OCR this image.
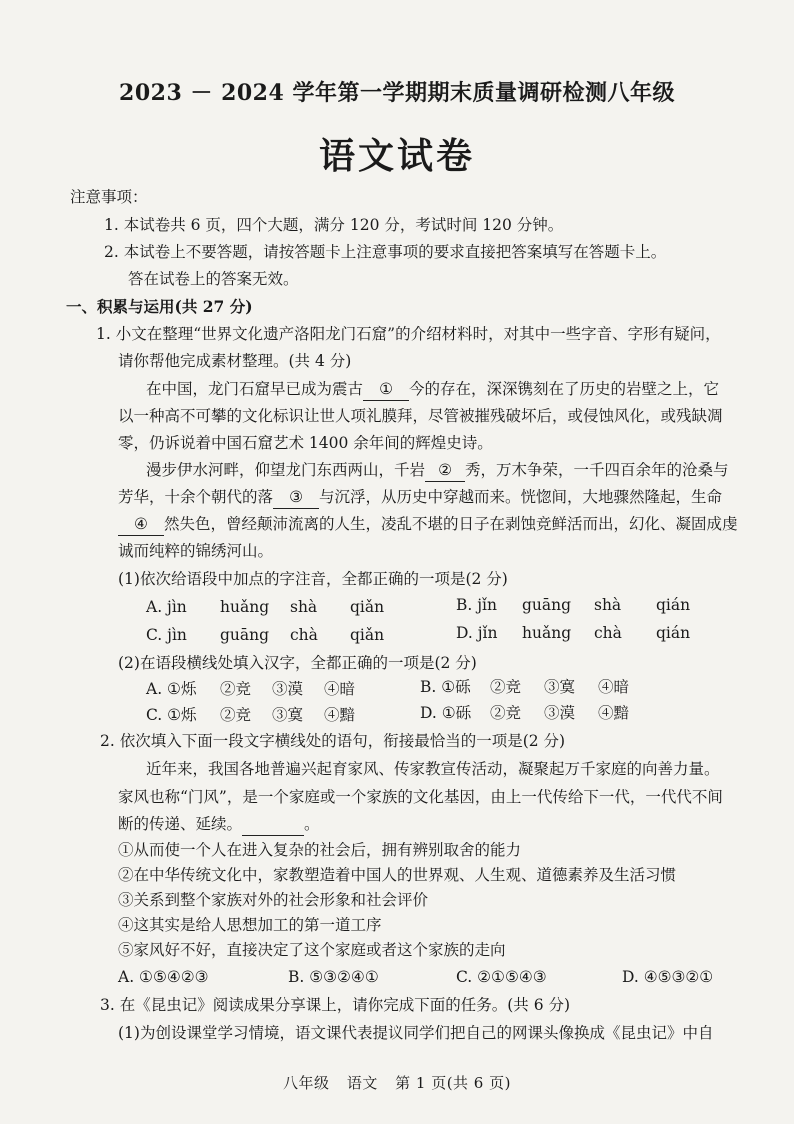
2023 － 2024 学年第一学期期末质量调研检测八年级
语文试卷
注意事项：
1. 本试卷共 6 页，四个大题，满分 120 分，考试时间 120 分钟。
2. 本试卷上不要答题，请按答题卡上注意事项的要求直接把答案填写在答题卡上。
答在试卷上的答案无效。
一、积累与运用(共 27 分)
1. 小文在整理“世界文化遗产洛阳龙门石窟”的介绍材料时，对其中一些字音、字形有疑问，
请你帮他完成素材整理。(共 4 分)
在中国，龙门石窟早已成为震古 ① 今的存在，深深镌刻在了历史的岩壁之上，它
以一种高不可攀的文化标识让世人项礼膜拜，尽管被摧残破坏后，或侵蚀风化，或残缺凋
零，仍诉说着中国石窟艺术 1400 余年间的辉煌史诗。
漫步伊水河畔，仰望龙门东西两山，千岩 ② 秀，万木争荣，一千四百余年的沧桑与
芳华，十余个朝代的落 ③ 与沉浮，从历史中穿越而来。恍惚间，大地骤然隆起，生命
④ 然失色，曾经颠沛流离的人生，凌乱不堪的日子在剥蚀竞鲜活而出，幻化、凝固成虔
诚而纯粹的锦绣河山。
(1)依次给语段中加点的字注音，全都正确的一项是(2 分)
A. jìn huǎng shà qiǎn	B. jǐn guāng shà qián
C. jìn guāng chà qiǎn	D. jǐn huǎng chà qián
(2)在语段横线处填入汉字，全都正确的一项是(2 分)
A. ①烁 ②竞 ③漠 ④暗	B. ①砾 ②竞 ③寞 ④暗
C. ①烁 ②竞 ③寞 ④黯	D. ①砾 ②竞 ③漠 ④黯
2. 依次填入下面一段文字横线处的语句，衔接最恰当的一项是(2 分)
近年来，我国各地普遍兴起育家风、传家教宣传活动，凝聚起万千家庭的向善力量。
家风也称“门风”，是一个家庭或一个家族的文化基因，由上一代传给下一代，一代代不间
断的传递、延续。	。
①从而使一个人在进入复杂的社会后，拥有辨别取舍的能力
②在中华传统文化中，家教塑造着中国人的世界观、人生观、道德素养及生活习惯
③关系到整个家族对外的社会形象和社会评价
④这其实是给人思想加工的第一道工序
⑤家风好不好，直接决定了这个家庭或者这个家族的走向
A. ①⑤④②③	B. ⑤③②④①	C. ②①⑤④③	D. ④⑤③②①
3. 在《昆虫记》阅读成果分享课上，请你完成下面的任务。(共 6 分)
(1)为创设课堂学习情境，语文课代表提议同学们把自己的网课头像换成《昆虫记》中自
八年级 语文 第 1 页(共 6 页)
